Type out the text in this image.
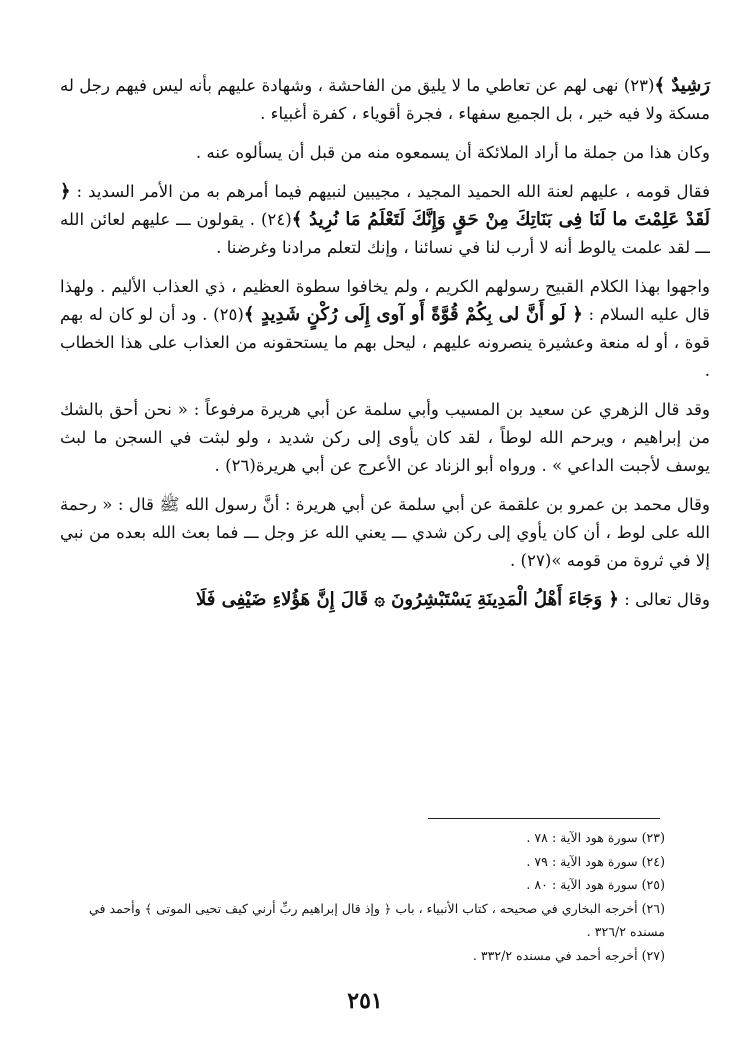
رَشِيدٌ ﴾(٢٣) نهى لهم عن تعاطي ما لا يليق من الفاحشة ، وشهادة عليهم بأنه ليس فيهم رجل له مسكة ولا فيه خير ، بل الجميع سفهاء ، فجرة أقوياء ، كفرة أغبياء .

وكان هذا من جملة ما أراد الملائكة أن يسمعوه منه من قبل أن يسألوه عنه .

فقال قومه ، عليهم لعنة الله الحميد المجيد ، مجيبين لنبيهم فيما أمرهم به من الأمر السديد : ﴿ لَقَدْ عَلِمْتَ ما لَنَا فِى بَنَاتِكَ مِنْ حَقٍ وَإِنَّكَ لَتَعْلَمُ مَا نُرِيدُ ﴾(٢٤) . يقولون ـــ عليهم لعائن الله ـــ لقد علمت يالوط أنه لا أرب لنا في نسائنا ، وإنك لتعلم مرادنا وغرضنا .

واجهوا بهذا الكلام القبيح رسولهم الكريم ، ولم يخافوا سطوة العظيم ، ذي العذاب الأليم . ولهذا قال عليه السلام : ﴿ لَو أَنَّ لى بِكُمْ قُوَّةً أَو آوى إِلَى رُكْنٍ شَدِيدٍ ﴾(٢٥) . ود أن لو كان له بهم قوة ، أو له منعة وعشيرة ينصرونه عليهم ، ليحل بهم ما يستحقونه من العذاب على هذا الخطاب .

وقد قال الزهري عن سعيد بن المسيب وأبي سلمة عن أبي هريرة مرفوعاً : « نحن أحق بالشك من إبراهيم ، ويرحم الله لوطاً ، لقد كان يأوى إلى ركن شديد ، ولو لبثت في السجن ما لبث يوسف لأجبت الداعي » . ورواه أبو الزناد عن الأعرج عن أبي هريرة(٢٦) .

وقال محمد بن عمرو بن علقمة عن أبي سلمة عن أبي هريرة : أنَّ رسول الله ﷺ قال : « رحمة الله على لوط ، أن كان يأوي إلى ركن شدي ـــ يعني الله عز وجل ـــ فما بعث الله بعده من نبي إلا في ثروة من قومه »(٢٧) .

وقال تعالى : ﴿ وَجَاءَ أَهْلُ الْمَدِينَةِ يَسْتَبْشِرُونَ ۞ قَالَ إِنَّ هَؤُلاءِ ضَيْفِى فَلَا

(٢٣) سورة هود الآية : ٧٨ .

(٢٤) سورة هود الآية : ٧٩ .

(٢٥) سورة هود الآية : ٨٠ .

(٢٦) أخرجه البخاري في صحيحه ، كتاب الأنبياء ، باب ﴿ وإذ قال إبراهيم ربِّ أرني كيف تحيى الموتى ﴾ وأحمد في مسنده ٣٢٦/٢ .

(٢٧) أخرجه أحمد في مسنده ٣٣٢/٢ .

٢٥١
